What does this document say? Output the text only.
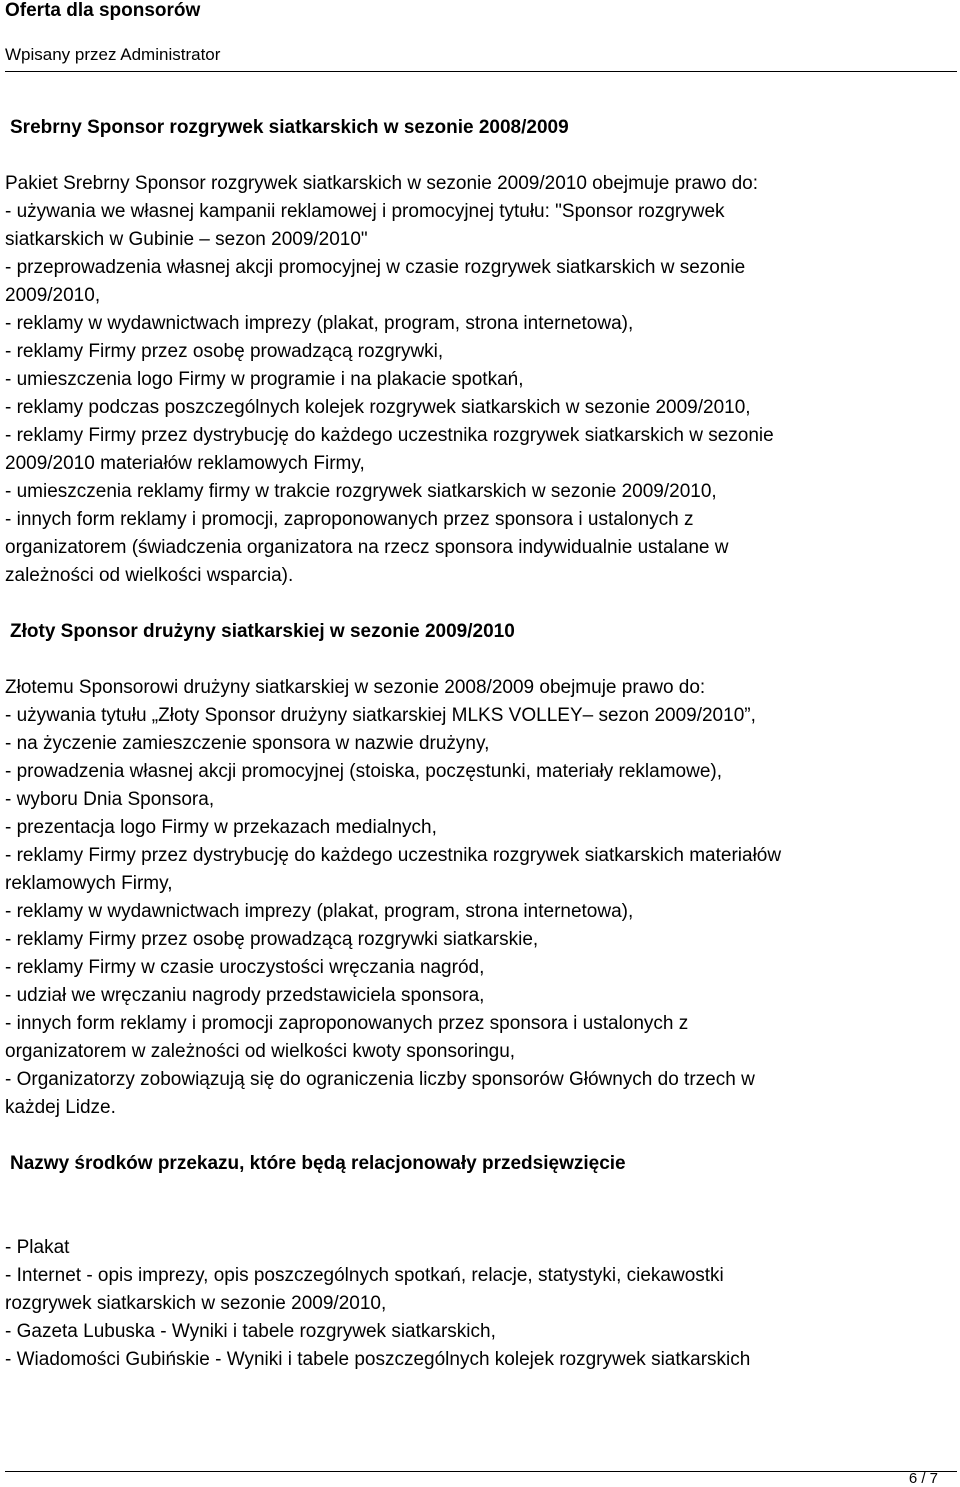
Oferta dla sponsorów
Wpisany przez Administrator
Srebrny Sponsor rozgrywek siatkarskich w sezonie 2008/2009
Pakiet Srebrny Sponsor rozgrywek siatkarskich w sezonie 2009/2010 obejmuje prawo do:
- używania we własnej kampanii reklamowej i promocyjnej tytułu: "Sponsor rozgrywek
siatkarskich w Gubinie – sezon 2009/2010"
- przeprowadzenia własnej akcji promocyjnej w czasie rozgrywek siatkarskich w sezonie
2009/2010,
- reklamy w wydawnictwach imprezy (plakat, program, strona internetowa),
- reklamy Firmy przez osobę prowadzącą rozgrywki,
- umieszczenia logo Firmy w programie i na plakacie spotkań,
- reklamy podczas poszczególnych kolejek rozgrywek siatkarskich w sezonie 2009/2010,
- reklamy Firmy przez dystrybucję do każdego uczestnika rozgrywek siatkarskich w sezonie
2009/2010 materiałów reklamowych Firmy,
- umieszczenia reklamy firmy w trakcie rozgrywek siatkarskich w sezonie 2009/2010,
- innych form reklamy i promocji, zaproponowanych przez sponsora i ustalonych z
organizatorem (świadczenia organizatora na rzecz sponsora indywidualnie ustalane w
zależności od wielkości wsparcia).
Złoty Sponsor drużyny siatkarskiej w sezonie 2009/2010
Złotemu Sponsorowi drużyny siatkarskiej w sezonie 2008/2009 obejmuje prawo do:
- używania tytułu „Złoty Sponsor drużyny siatkarskiej MLKS VOLLEY– sezon 2009/2010”,
- na życzenie zamieszczenie sponsora w nazwie drużyny,
- prowadzenia własnej akcji promocyjnej (stoiska, poczęstunki, materiały reklamowe),
- wyboru Dnia Sponsora,
- prezentacja logo Firmy w przekazach medialnych,
- reklamy Firmy przez dystrybucję do każdego uczestnika rozgrywek siatkarskich materiałów
reklamowych Firmy,
- reklamy w wydawnictwach imprezy (plakat, program, strona internetowa),
- reklamy Firmy przez osobę prowadzącą rozgrywki siatkarskie,
- reklamy Firmy w czasie uroczystości wręczania nagród,
- udział we wręczaniu nagrody przedstawiciela sponsora,
- innych form reklamy i promocji zaproponowanych przez sponsora i ustalonych z
organizatorem w zależności od wielkości kwoty sponsoringu,
- Organizatorzy zobowiązują się do ograniczenia liczby sponsorów Głównych do trzech w
każdej Lidze.
Nazwy środków przekazu, które będą relacjonowały przedsięwzięcie
- Plakat
- Internet - opis imprezy, opis poszczególnych spotkań, relacje, statystyki, ciekawostki
rozgrywek siatkarskich w sezonie 2009/2010,
- Gazeta Lubuska - Wyniki i tabele rozgrywek siatkarskich,
- Wiadomości Gubińskie - Wyniki i tabele poszczególnych kolejek rozgrywek siatkarskich
6 / 7
